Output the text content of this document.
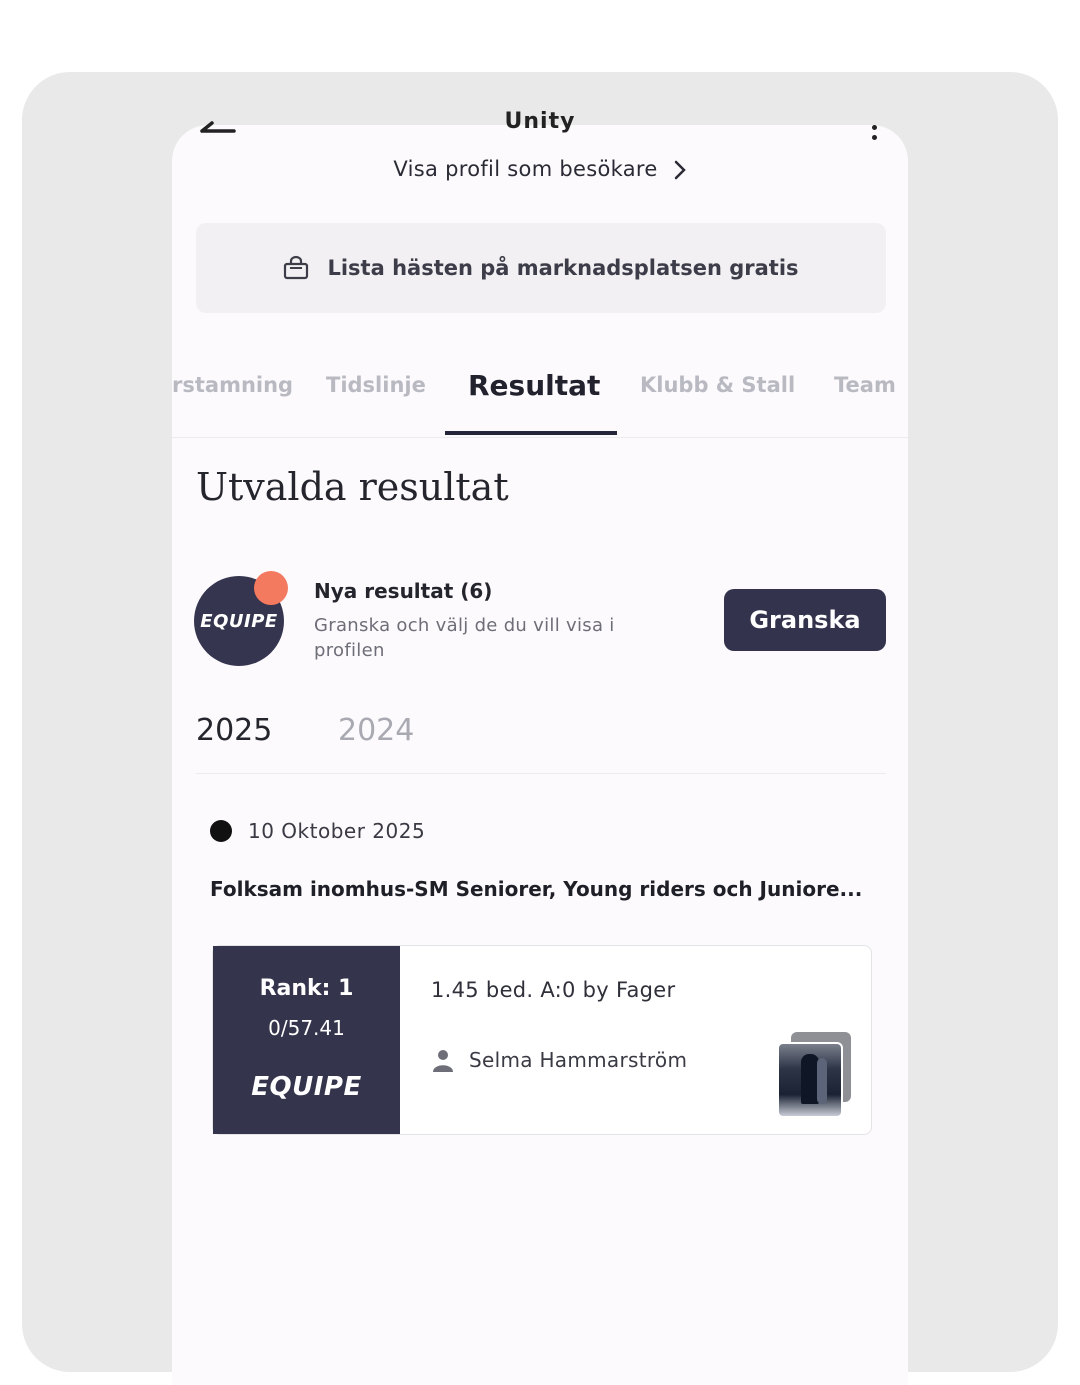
Unity
Visa profil som besökare
Lista hästen på marknadsplatsen gratis
rstamning Tidslinje Resultat Klubb & Stall Team
Utvalda resultat
EQUIPE
Nya resultat (6)
Granska och välj de du vill visa i profilen
Granska
2025 2024
10 Oktober 2025
Folksam inomhus-SM Seniorer, Young riders och Juniore...
Rank: 1
0/57.41
EQUIPE
1.45 bed. A:0 by Fager
Selma Hammarström
